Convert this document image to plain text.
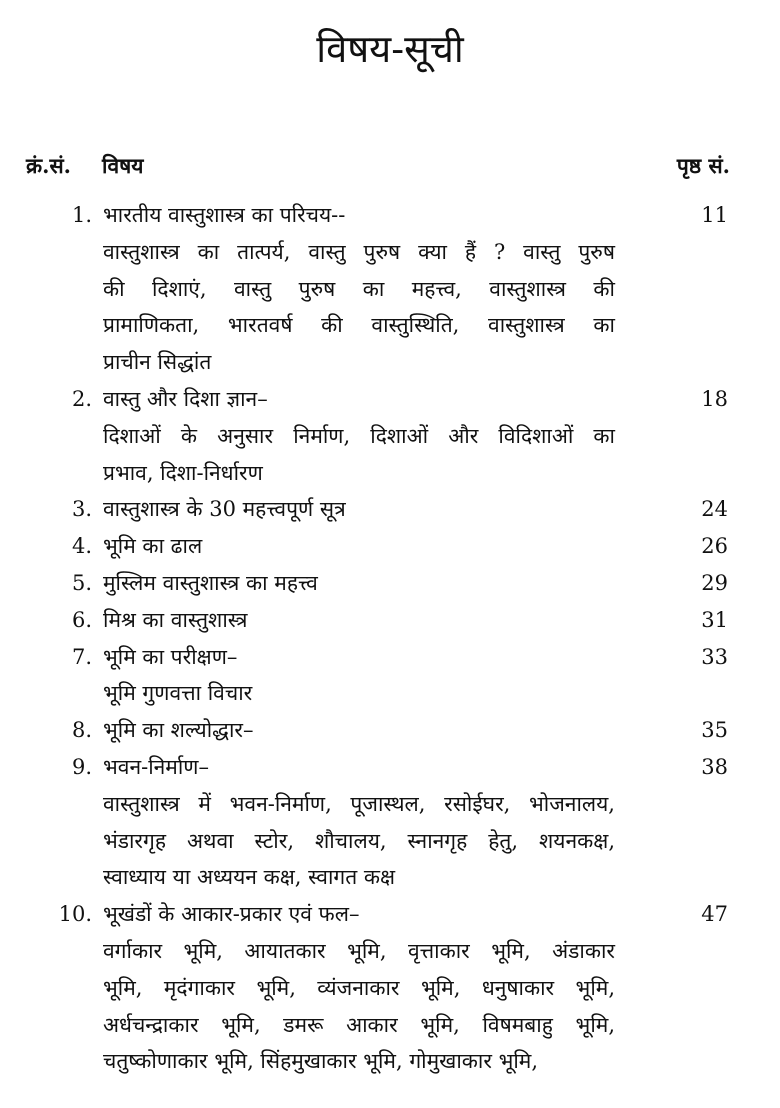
विषय-सूची
क्रं.सं. विषय	पृष्ठ सं.
1. भारतीय वास्तुशास्त्र का परिचय--	11
वास्तुशास्त्र का तात्पर्य, वास्तु पुरुष क्या हैं ? वास्तु पुरुष
की दिशाएं, वास्तु पुरुष का महत्त्व, वास्तुशास्त्र की
प्रामाणिकता, भारतवर्ष की वास्तुस्थिति, वास्तुशास्त्र का
प्राचीन सिद्धांत
2. वास्तु और दिशा ज्ञान–	18
दिशाओं के अनुसार निर्माण, दिशाओं और विदिशाओं का
प्रभाव, दिशा-निर्धारण
3. वास्तुशास्त्र के 30 महत्त्वपूर्ण सूत्र	24
4. भूमि का ढाल	26
5. मुस्लिम वास्तुशास्त्र का महत्त्व	29
6. मिश्र का वास्तुशास्त्र	31
7. भूमि का परीक्षण–	33
भूमि गुणवत्ता विचार
8. भूमि का शल्योद्धार–	35
9. भवन-निर्माण–	38
वास्तुशास्त्र में भवन-निर्माण, पूजास्थल, रसोईघर, भोजनालय,
भंडारगृह अथवा स्टोर, शौचालय, स्नानगृह हेतु, शयनकक्ष,
स्वाध्याय या अध्ययन कक्ष, स्वागत कक्ष
10. भूखंडों के आकार-प्रकार एवं फल–	47
वर्गाकार भूमि, आयातकार भूमि, वृत्ताकार भूमि, अंडाकार
भूमि, मृदंगाकार भूमि, व्यंजनाकार भूमि, धनुषाकार भूमि,
अर्धचन्द्राकार भूमि, डमरू आकार भूमि, विषमबाहु भूमि,
चतुष्कोणाकार भूमि, सिंहमुखाकार भूमि, गोमुखाकार भूमि,
